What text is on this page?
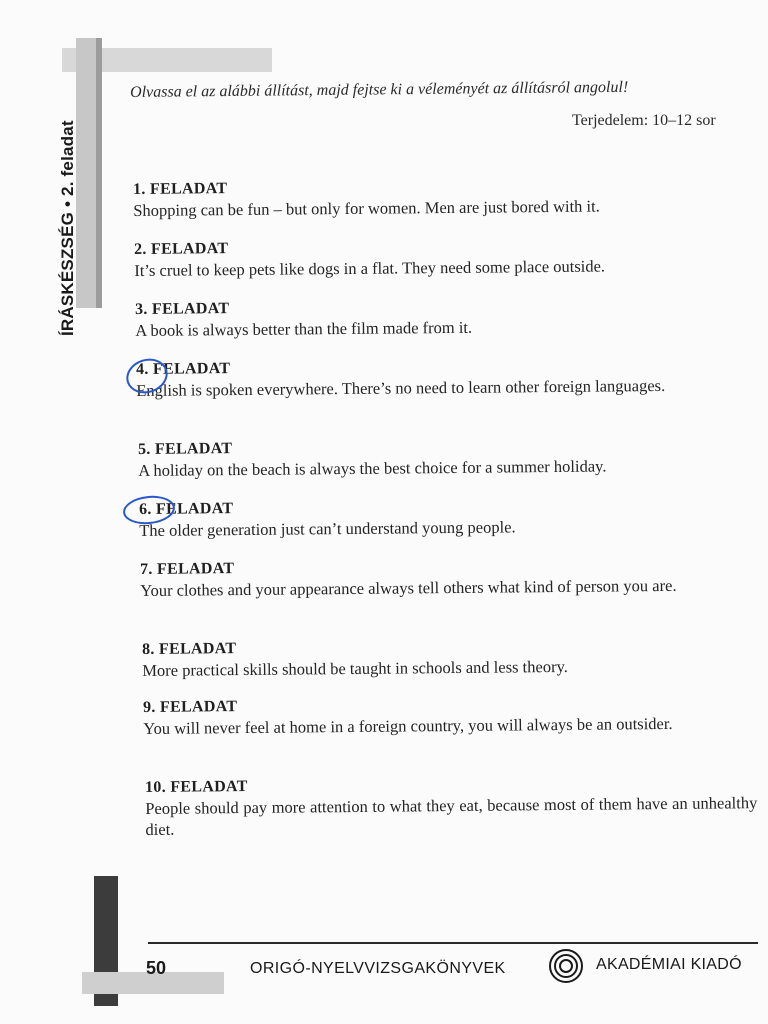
ÍRÁSKÉSZSÉG • 2. feladat
Olvassa el az alábbi állítást, majd fejtse ki a véleményét az állításról angolul!
Terjedelem: 10–12 sor
1. FELADAT
Shopping can be fun – but only for women. Men are just bored with it.
2. FELADAT
It’s cruel to keep pets like dogs in a flat. They need some place outside.
3. FELADAT
A book is always better than the film made from it.
4. FELADAT
English is spoken everywhere. There’s no need to learn other foreign languages.
5. FELADAT
A holiday on the beach is always the best choice for a summer holiday.
6. FELADAT
The older generation just can’t understand young people.
7. FELADAT
Your clothes and your appearance always tell others what kind of person you are.
8. FELADAT
More practical skills should be taught in schools and less theory.
9. FELADAT
You will never feel at home in a foreign country, you will always be an outsider.
10. FELADAT
People should pay more attention to what they eat, because most of them have an unhealthy diet.
50	ORIGÓ-NYELVVIZSGAKÖNYVEK	AKADÉMIAI KIADÓ
